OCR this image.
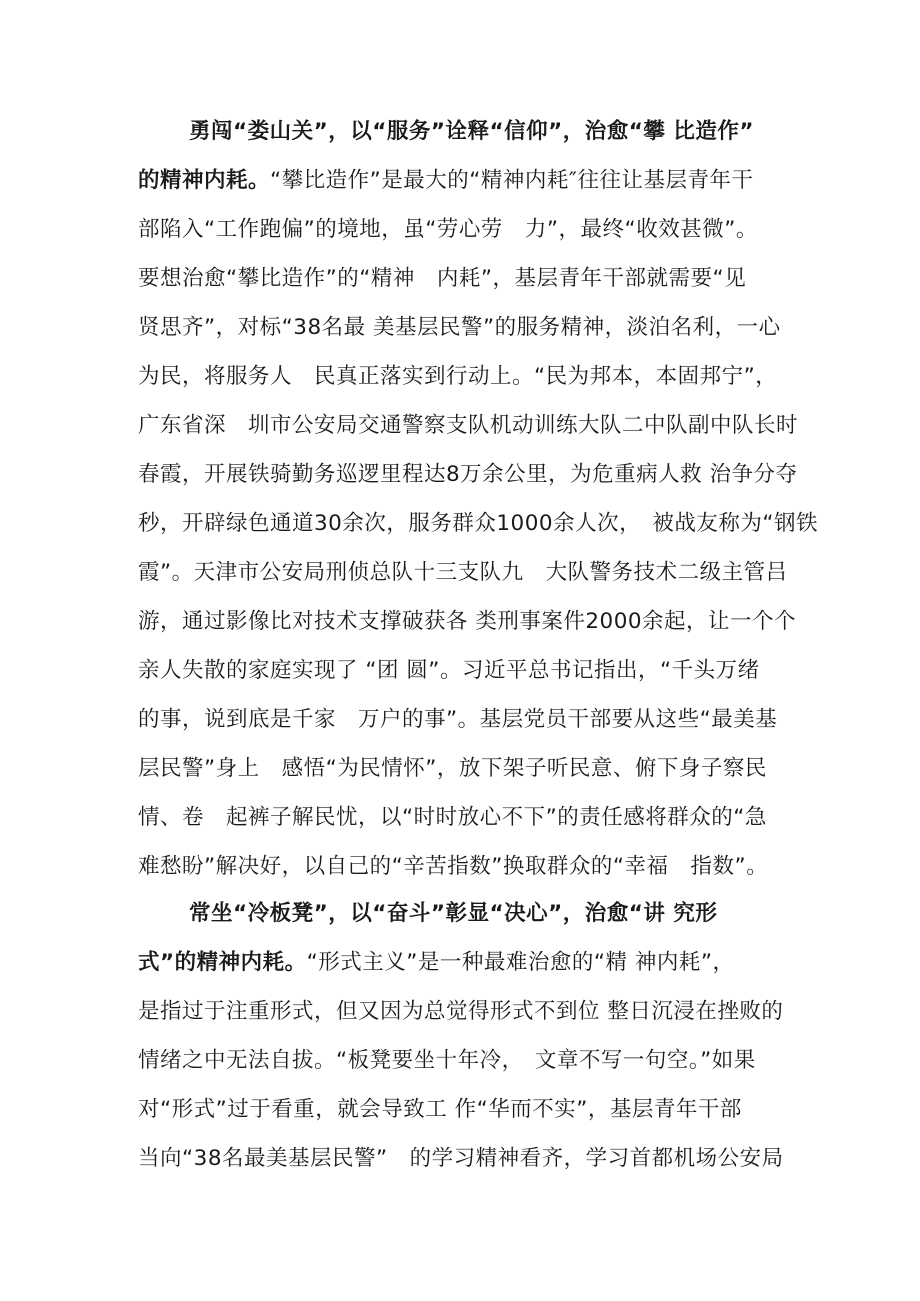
勇闯“娄山关”，以“服务”诠释“信仰”，治愈“攀 比造作”
的精神内耗。“攀比造作”是最大的“精神内耗″往往让基层青年干
部陷入“工作跑偏”的境地，虽“劳心劳　力”，最终“收效甚微”。
要想治愈“攀比造作”的“精神　内耗”，基层青年干部就需要“见
贤思齐”，对标“38名最 美基层民警”的服务精神，淡泊名利，一心
为民，将服务人　民真正落实到行动上。“民为邦本，本固邦宁”，
广东省深　圳市公安局交通警察支队机动训练大队二中队副中队长时
春霞，开展铁骑勤务巡逻里程达8万余公里，为危重病人救 治争分夺
秒，开辟绿色通道30余次，服务群众1000余人次，　被战友称为“钢铁
霞”。天津市公安局刑侦总队十三支队九　大队警务技术二级主管吕
游，通过影像比对技术支撑破获各 类刑事案件2000余起，让一个个
亲人失散的家庭实现了 “团 圆”。习近平总书记指出，“千头万绪
的事，说到底是千家　万户的事”。基层党员干部要从这些“最美基
层民警”身上　感悟“为民情怀”，放下架子听民意、俯下身子察民
情、卷　起裤子解民忧，以“时时放心不下”的责任感将群众的“急
难愁盼”解决好，以自己的“辛苦指数”换取群众的“幸福　指数”。
常坐“冷板凳”，以“奋斗”彰显“决心”，治愈“讲 究形
式”的精神内耗。“形式主义”是一种最难治愈的“精 神内耗”，
是指过于注重形式，但又因为总觉得形式不到位 整日沉浸在挫败的
情绪之中无法自拔。“板凳要坐十年冷，　文章不写一句空。”如果
对“形式”过于看重，就会导致工 作“华而不实”，基层青年干部
当向“38名最美基层民警”　的学习精神看齐，学习首都机场公安局
